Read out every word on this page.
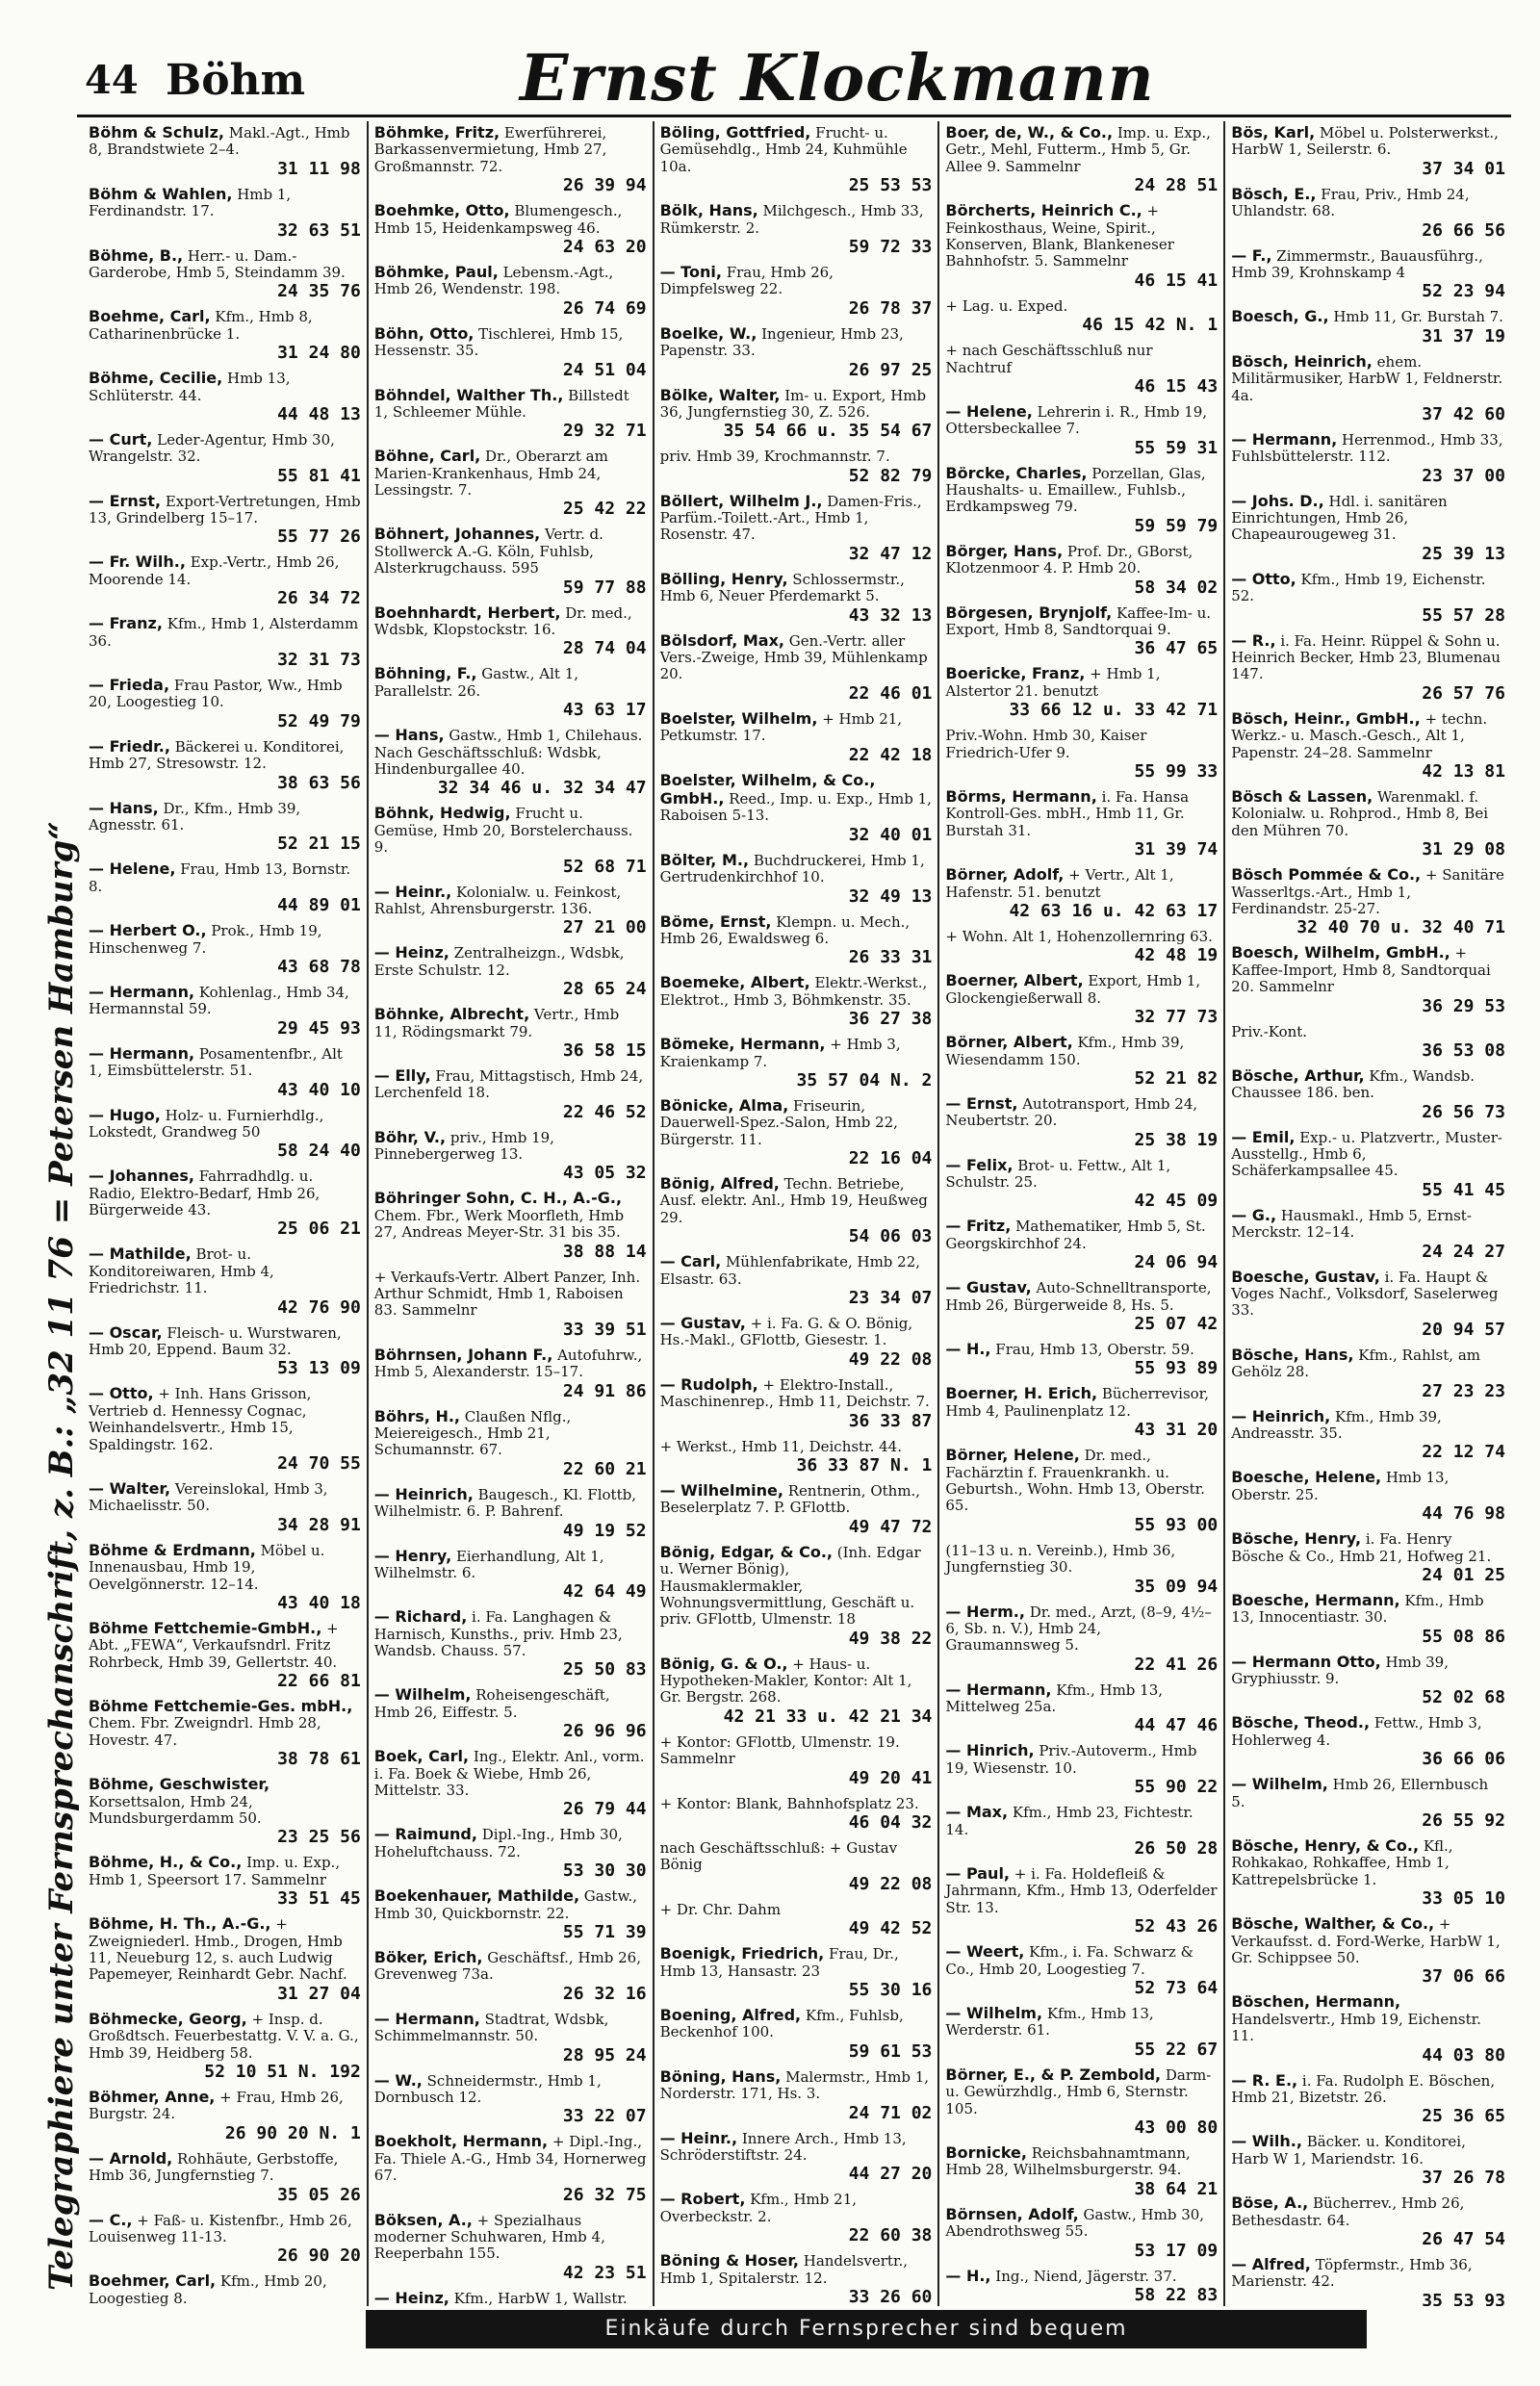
44 Böhm	Ernst Klockmann
Telegraphiere unter Fernsprechanschrift, z. B.: „32 11 76 = Petersen Hamburg“
Böhm & Schulz, Makl.-Agt., Hmb 8, Brandstwiete 2–4.
31 11 98
Böhm & Wahlen, Hmb 1, Ferdinandstr. 17.
32 63 51
Böhme, B., Herr.- u. Dam.-Garderobe, Hmb 5, Steindamm 39.
24 35 76
Boehme, Carl, Kfm., Hmb 8, Catharinenbrücke 1.
31 24 80
Böhme, Cecilie, Hmb 13, Schlüterstr. 44.
44 48 13
— Curt, Leder-Agentur, Hmb 30, Wrangelstr. 32.
55 81 41
— Ernst, Export-Vertretungen, Hmb 13, Grindelberg 15–17.
55 77 26
— Fr. Wilh., Exp.-Vertr., Hmb 26, Moorende 14.
26 34 72
— Franz, Kfm., Hmb 1, Alsterdamm 36.
32 31 73
— Frieda, Frau Pastor, Ww., Hmb 20, Loogestieg 10.
52 49 79
— Friedr., Bäckerei u. Konditorei, Hmb 27, Stresowstr. 12.
38 63 56
— Hans, Dr., Kfm., Hmb 39, Agnesstr. 61.
52 21 15
— Helene, Frau, Hmb 13, Bornstr. 8.
44 89 01
— Herbert O., Prok., Hmb 19, Hinschenweg 7.
43 68 78
— Hermann, Kohlenlag., Hmb 34, Hermannstal 59.
29 45 93
— Hermann, Posamentenfbr., Alt 1, Eimsbüttelerstr. 51.
43 40 10
— Hugo, Holz- u. Furnierhdlg., Lokstedt, Grandweg 50
58 24 40
— Johannes, Fahrradhdlg. u. Radio, Elektro-Bedarf, Hmb 26, Bürgerweide 43.
25 06 21
— Mathilde, Brot- u. Konditoreiwaren, Hmb 4, Friedrichstr. 11.
42 76 90
— Oscar, Fleisch- u. Wurstwaren, Hmb 20, Eppend. Baum 32.
53 13 09
— Otto, + Inh. Hans Grisson, Vertrieb d. Hennessy Cognac, Weinhandelsvertr., Hmb 15, Spaldingstr. 162.
24 70 55
— Walter, Vereinslokal, Hmb 3, Michaelisstr. 50.
34 28 91
Böhme & Erdmann, Möbel u. Innenausbau, Hmb 19, Oevelgönnerstr. 12–14.
43 40 18
Böhme Fettchemie-GmbH., + Abt. „FEWA“, Verkaufsndrl. Fritz Rohrbeck, Hmb 39, Gellertstr. 40.
22 66 81
Böhme Fettchemie-Ges. mbH., Chem. Fbr. Zweigndrl. Hmb 28, Hovestr. 47.
38 78 61
Böhme, Geschwister, Korsettsalon, Hmb 24, Mundsburgerdamm 50.
23 25 56
Böhme, H., & Co., Imp. u. Exp., Hmb 1, Speersort 17. Sammelnr
33 51 45
Böhme, H. Th., A.-G., + Zweigniederl. Hmb., Drogen, Hmb 11, Neueburg 12, s. auch Ludwig Papemeyer, Reinhardt Gebr. Nachf.
31 27 04
Böhmecke, Georg, + Insp. d. Großdtsch. Feuerbestattg. V. V. a. G., Hmb 39, Heidberg 58.
52 10 51 N. 192
Böhmer, Anne, + Frau, Hmb 26, Burgstr. 24.
26 90 20 N. 1
— Arnold, Rohhäute, Gerbstoffe, Hmb 36, Jungfernstieg 7.
35 05 26
— C., + Faß- u. Kistenfbr., Hmb 26, Louisenweg 11-13.
26 90 20
Boehmer, Carl, Kfm., Hmb 20, Loogestieg 8.
Böhmke, Fritz, Ewerführerei, Barkassenvermietung, Hmb 27, Großmannstr. 72.
26 39 94
Boehmke, Otto, Blumengesch., Hmb 15, Heidenkampsweg 46.
24 63 20
Böhmke, Paul, Lebensm.-Agt., Hmb 26, Wendenstr. 198.
26 74 69
Böhn, Otto, Tischlerei, Hmb 15, Hessenstr. 35.
24 51 04
Böhndel, Walther Th., Billstedt 1, Schleemer Mühle.
29 32 71
Böhne, Carl, Dr., Oberarzt am Marien-Krankenhaus, Hmb 24, Lessingstr. 7.
25 42 22
Böhnert, Johannes, Vertr. d. Stollwerck A.-G. Köln, Fuhlsb, Alsterkrugchauss. 595
59 77 88
Boehnhardt, Herbert, Dr. med., Wdsbk, Klopstockstr. 16.
28 74 04
Böhning, F., Gastw., Alt 1, Parallelstr. 26.
43 63 17
— Hans, Gastw., Hmb 1, Chilehaus. Nach Geschäftsschluß: Wdsbk, Hindenburgallee 40.
32 34 46 u. 32 34 47
Böhnk, Hedwig, Frucht u. Gemüse, Hmb 20, Borstelerchauss. 9.
52 68 71
— Heinr., Kolonialw. u. Feinkost, Rahlst, Ahrensburgerstr. 136.
27 21 00
— Heinz, Zentralheizgn., Wdsbk, Erste Schulstr. 12.
28 65 24
Böhnke, Albrecht, Vertr., Hmb 11, Rödingsmarkt 79.
36 58 15
— Elly, Frau, Mittagstisch, Hmb 24, Lerchenfeld 18.
22 46 52
Böhr, V., priv., Hmb 19, Pinnebergerweg 13.
43 05 32
Böhringer Sohn, C. H., A.-G., Chem. Fbr., Werk Moorfleth, Hmb 27, Andreas Meyer-Str. 31 bis 35.
38 88 14
+ Verkaufs-Vertr. Albert Panzer, Inh. Arthur Schmidt, Hmb 1, Raboisen 83. Sammelnr
33 39 51
Böhrnsen, Johann F., Autofuhrw., Hmb 5, Alexanderstr. 15–17.
24 91 86
Böhrs, H., Claußen Nflg., Meiereigesch., Hmb 21, Schumannstr. 67.
22 60 21
— Heinrich, Baugesch., Kl. Flottb, Wilhelmistr. 6. P. Bahrenf.
49 19 52
— Henry, Eierhandlung, Alt 1, Wilhelmstr. 6.
42 64 49
— Richard, i. Fa. Langhagen & Harnisch, Kunsths., priv. Hmb 23, Wandsb. Chauss. 57.
25 50 83
— Wilhelm, Roheisengeschäft, Hmb 26, Eiffestr. 5.
26 96 96
Boek, Carl, Ing., Elektr. Anl., vorm. i. Fa. Boek & Wiebe, Hmb 26, Mittelstr. 33.
26 79 44
— Raimund, Dipl.-Ing., Hmb 30, Hoheluftchauss. 72.
53 30 30
Boekenhauer, Mathilde, Gastw., Hmb 30, Quickbornstr. 22.
55 71 39
Böker, Erich, Geschäftsf., Hmb 26, Grevenweg 73a.
26 32 16
— Hermann, Stadtrat, Wdsbk, Schimmelmannstr. 50.
28 95 24
— W., Schneidermstr., Hmb 1, Dornbusch 12.
33 22 07
Boekholt, Hermann, + Dipl.-Ing., Fa. Thiele A.-G., Hmb 34, Hornerweg 67.
26 32 75
Böksen, A., + Spezialhaus moderner Schuhwaren, Hmb 4, Reeperbahn 155.
42 23 51
— Heinz, Kfm., HarbW 1, Wallstr.
Böling, Gottfried, Frucht- u. Gemüsehdlg., Hmb 24, Kuhmühle 10a.
25 53 53
Bölk, Hans, Milchgesch., Hmb 33, Rümkerstr. 2.
59 72 33
— Toni, Frau, Hmb 26, Dimpfelsweg 22.
26 78 37
Boelke, W., Ingenieur, Hmb 23, Papenstr. 33.
26 97 25
Bölke, Walter, Im- u. Export, Hmb 36, Jungfernstieg 30, Z. 526.
35 54 66 u. 35 54 67
priv. Hmb 39, Krochmannstr. 7.
52 82 79
Böllert, Wilhelm J., Damen-Fris., Parfüm.-Toilett.-Art., Hmb 1, Rosenstr. 47.
32 47 12
Bölling, Henry, Schlossermstr., Hmb 6, Neuer Pferdemarkt 5.
43 32 13
Bölsdorf, Max, Gen.-Vertr. aller Vers.-Zweige, Hmb 39, Mühlenkamp 20.
22 46 01
Boelster, Wilhelm, + Hmb 21, Petkumstr. 17.
22 42 18
Boelster, Wilhelm, & Co., GmbH., Reed., Imp. u. Exp., Hmb 1, Raboisen 5-13.
32 40 01
Bölter, M., Buchdruckerei, Hmb 1, Gertrudenkirchhof 10.
32 49 13
Böme, Ernst, Klempn. u. Mech., Hmb 26, Ewaldsweg 6.
26 33 31
Boemeke, Albert, Elektr.-Werkst., Elektrot., Hmb 3, Böhmkenstr. 35.
36 27 38
Bömeke, Hermann, + Hmb 3, Kraienkamp 7.
35 57 04 N. 2
Bönicke, Alma, Friseurin, Dauerwell-Spez.-Salon, Hmb 22, Bürgerstr. 11.
22 16 04
Bönig, Alfred, Techn. Betriebe, Ausf. elektr. Anl., Hmb 19, Heußweg 29.
54 06 03
— Carl, Mühlenfabrikate, Hmb 22, Elsastr. 63.
23 34 07
— Gustav, + i. Fa. G. & O. Bönig, Hs.-Makl., GFlottb, Giesestr. 1.
49 22 08
— Rudolph, + Elektro-Install., Maschinenrep., Hmb 11, Deichstr. 7.
36 33 87
+ Werkst., Hmb 11, Deichstr. 44.
36 33 87 N. 1
— Wilhelmine, Rentnerin, Othm., Beselerplatz 7. P. GFlottb.
49 47 72
Bönig, Edgar, & Co., (Inh. Edgar u. Werner Bönig), Hausmaklermakler, Wohnungsvermittlung, Geschäft u. priv. GFlottb, Ulmenstr. 18
49 38 22
Bönig, G. & O., + Haus- u. Hypotheken-Makler, Kontor: Alt 1, Gr. Bergstr. 268.
42 21 33 u. 42 21 34
+ Kontor: GFlottb, Ulmenstr. 19. Sammelnr
49 20 41
+ Kontor: Blank, Bahnhofsplatz 23.
46 04 32
nach Geschäftsschluß: + Gustav Bönig
49 22 08
+ Dr. Chr. Dahm
49 42 52
Boenigk, Friedrich, Frau, Dr., Hmb 13, Hansastr. 23
55 30 16
Boening, Alfred, Kfm., Fuhlsb, Beckenhof 100.
59 61 53
Böning, Hans, Malermstr., Hmb 1, Norderstr. 171, Hs. 3.
24 71 02
— Heinr., Innere Arch., Hmb 13, Schröderstiftstr. 24.
44 27 20
— Robert, Kfm., Hmb 21, Overbeckstr. 2.
22 60 38
Böning & Hoser, Handelsvertr., Hmb 1, Spitalerstr. 12.
33 26 60
Boer, de, W., & Co., Imp. u. Exp., Getr., Mehl, Futterm., Hmb 5, Gr. Allee 9. Sammelnr
24 28 51
Börcherts, Heinrich C., + Feinkosthaus, Weine, Spirit., Konserven, Blank, Blankeneser Bahnhofstr. 5. Sammelnr
46 15 41
+ Lag. u. Exped.
46 15 42 N. 1
+ nach Geschäftsschluß nur Nachtruf
46 15 43
— Helene, Lehrerin i. R., Hmb 19, Ottersbeckallee 7.
55 59 31
Börcke, Charles, Porzellan, Glas, Haushalts- u. Emaillew., Fuhlsb., Erdkampsweg 79.
59 59 79
Börger, Hans, Prof. Dr., GBorst, Klotzenmoor 4. P. Hmb 20.
58 34 02
Börgesen, Brynjolf, Kaffee-Im- u. Export, Hmb 8, Sandtorquai 9.
36 47 65
Boericke, Franz, + Hmb 1, Alstertor 21. benutzt
33 66 12 u. 33 42 71
Priv.-Wohn. Hmb 30, Kaiser Friedrich-Ufer 9.
55 99 33
Börms, Hermann, i. Fa. Hansa Kontroll-Ges. mbH., Hmb 11, Gr. Burstah 31.
31 39 74
Börner, Adolf, + Vertr., Alt 1, Hafenstr. 51. benutzt
42 63 16 u. 42 63 17
+ Wohn. Alt 1, Hohenzollernring 63.
42 48 19
Boerner, Albert, Export, Hmb 1, Glockengießerwall 8.
32 77 73
Börner, Albert, Kfm., Hmb 39, Wiesendamm 150.
52 21 82
— Ernst, Autotransport, Hmb 24, Neubertstr. 20.
25 38 19
— Felix, Brot- u. Fettw., Alt 1, Schulstr. 25.
42 45 09
— Fritz, Mathematiker, Hmb 5, St. Georgskirchhof 24.
24 06 94
— Gustav, Auto-Schnelltransporte, Hmb 26, Bürgerweide 8, Hs. 5.
25 07 42
— H., Frau, Hmb 13, Oberstr. 59.
55 93 89
Boerner, H. Erich, Bücherrevisor, Hmb 4, Paulinenplatz 12.
43 31 20
Börner, Helene, Dr. med., Fachärztin f. Frauenkrankh. u. Geburtsh., Wohn. Hmb 13, Oberstr. 65.
55 93 00
(11–13 u. n. Vereinb.), Hmb 36, Jungfernstieg 30.
35 09 94
— Herm., Dr. med., Arzt, (8–9, 4½–6, Sb. n. V.), Hmb 24, Graumannsweg 5.
22 41 26
— Hermann, Kfm., Hmb 13, Mittelweg 25a.
44 47 46
— Hinrich, Priv.-Autoverm., Hmb 19, Wiesenstr. 10.
55 90 22
— Max, Kfm., Hmb 23, Fichtestr. 14.
26 50 28
— Paul, + i. Fa. Holdefleiß & Jahrmann, Kfm., Hmb 13, Oderfelder Str. 13.
52 43 26
— Weert, Kfm., i. Fa. Schwarz & Co., Hmb 20, Loogestieg 7.
52 73 64
— Wilhelm, Kfm., Hmb 13, Werderstr. 61.
55 22 67
Börner, E., & P. Zembold, Darm- u. Gewürzhdlg., Hmb 6, Sternstr. 105.
43 00 80
Bornicke, Reichsbahnamtmann, Hmb 28, Wilhelmsburgerstr. 94.
38 64 21
Börnsen, Adolf, Gastw., Hmb 30, Abendrothsweg 55.
53 17 09
— H., Ing., Niend, Jägerstr. 37.
58 22 83
Bös, Karl, Möbel u. Polsterwerkst., HarbW 1, Seilerstr. 6.
37 34 01
Bösch, E., Frau, Priv., Hmb 24, Uhlandstr. 68.
26 66 56
— F., Zimmermstr., Bauausführg., Hmb 39, Krohnskamp 4
52 23 94
Boesch, G., Hmb 11, Gr. Burstah 7.
31 37 19
Bösch, Heinrich, ehem. Militärmusiker, HarbW 1, Feldnerstr. 4a.
37 42 60
— Hermann, Herrenmod., Hmb 33, Fuhlsbüttelerstr. 112.
23 37 00
— Johs. D., Hdl. i. sanitären Einrichtungen, Hmb 26, Chapeaurougeweg 31.
25 39 13
— Otto, Kfm., Hmb 19, Eichenstr. 52.
55 57 28
— R., i. Fa. Heinr. Rüppel & Sohn u. Heinrich Becker, Hmb 23, Blumenau 147.
26 57 76
Bösch, Heinr., GmbH., + techn. Werkz.- u. Masch.-Gesch., Alt 1, Papenstr. 24–28. Sammelnr
42 13 81
Bösch & Lassen, Warenmakl. f. Kolonialw. u. Rohprod., Hmb 8, Bei den Mühren 70.
31 29 08
Bösch Pommée & Co., + Sanitäre Wasserltgs.-Art., Hmb 1, Ferdinandstr. 25-27.
32 40 70 u. 32 40 71
Boesch, Wilhelm, GmbH., + Kaffee-Import, Hmb 8, Sandtorquai 20. Sammelnr
36 29 53
Priv.-Kont.
36 53 08
Bösche, Arthur, Kfm., Wandsb. Chaussee 186. ben.
26 56 73
— Emil, Exp.- u. Platzvertr., Muster-Ausstellg., Hmb 6, Schäferkampsallee 45.
55 41 45
— G., Hausmakl., Hmb 5, Ernst-Merckstr. 12–14.
24 24 27
Boesche, Gustav, i. Fa. Haupt & Voges Nachf., Volksdorf, Saselerweg 33.
20 94 57
Bösche, Hans, Kfm., Rahlst, am Gehölz 28.
27 23 23
— Heinrich, Kfm., Hmb 39, Andreasstr. 35.
22 12 74
Boesche, Helene, Hmb 13, Oberstr. 25.
44 76 98
Bösche, Henry, i. Fa. Henry Bösche & Co., Hmb 21, Hofweg 21.
24 01 25
Boesche, Hermann, Kfm., Hmb 13, Innocentiastr. 30.
55 08 86
— Hermann Otto, Hmb 39, Gryphiusstr. 9.
52 02 68
Bösche, Theod., Fettw., Hmb 3, Hohlerweg 4.
36 66 06
— Wilhelm, Hmb 26, Ellernbusch 5.
26 55 92
Bösche, Henry, & Co., Kfl., Rohkakao, Rohkaffee, Hmb 1, Kattrepelsbrücke 1.
33 05 10
Bösche, Walther, & Co., + Verkaufsst. d. Ford-Werke, HarbW 1, Gr. Schippsee 50.
37 06 66
Böschen, Hermann, Handelsvertr., Hmb 19, Eichenstr. 11.
44 03 80
— R. E., i. Fa. Rudolph E. Böschen, Hmb 21, Bizetstr. 26.
25 36 65
— Wilh., Bäcker. u. Konditorei, Harb W 1, Mariendstr. 16.
37 26 78
Böse, A., Bücherrev., Hmb 26, Bethesdastr. 64.
26 47 54
— Alfred, Töpfermstr., Hmb 36, Marienstr. 42.
35 53 93
Einkäufe durch Fernsprecher sind bequem
